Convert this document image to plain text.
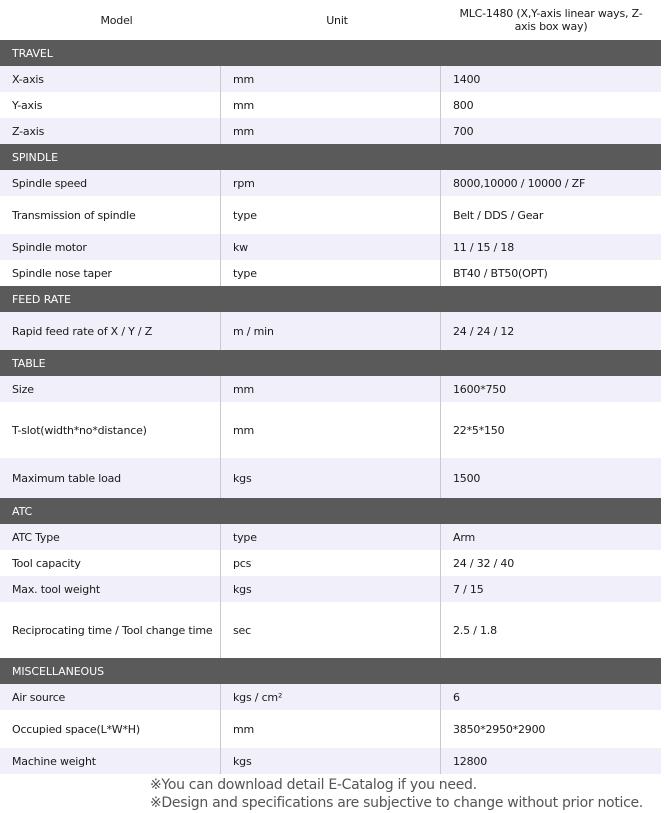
Model	Unit	MLC-1480 (X,Y-axis linear ways, Z-axis box way)
TRAVEL
X-axis	mm	1400
Y-axis	mm	800
Z-axis	mm	700
SPINDLE
Spindle speed	rpm	8000,10000 / 10000 / ZF
Transmission of spindle	type	Belt / DDS / Gear
Spindle motor	kw	11 / 15 / 18
Spindle nose taper	type	BT40 / BT50(OPT)
FEED RATE
Rapid feed rate of X / Y / Z	m / min	24 / 24 / 12
TABLE
Size	mm	1600*750
T-slot(width*no*distance)	mm	22*5*150
Maximum table load	kgs	1500
ATC
ATC Type	type	Arm
Tool capacity	pcs	24 / 32 / 40
Max. tool weight	kgs	7 / 15
Reciprocating time / Tool change time	sec	2.5 / 1.8
MISCELLANEOUS
Air source	kgs / cm²	6
Occupied space(L*W*H)	mm	3850*2950*2900
Machine weight	kgs	12800
※You can download detail E-Catalog if you need.
※Design and specifications are subjective to change without prior notice.
